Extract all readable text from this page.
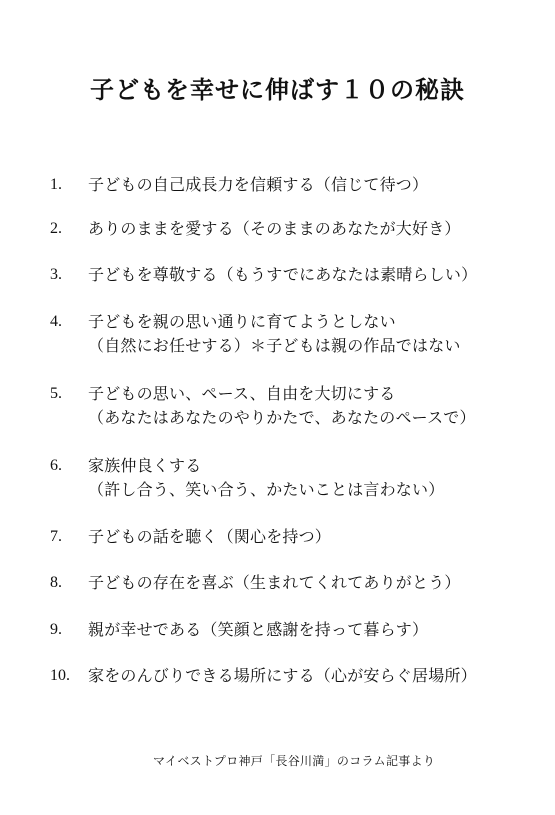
子どもを幸せに伸ばす１０の秘訣
1.	子どもの自己成長力を信頼する（信じて待つ）
2.	ありのままを愛する（そのままのあなたが大好き）
3.	子どもを尊敬する（もうすでにあなたは素晴らしい）
4.	子どもを親の思い通りに育てようとしない
（自然にお任せする）＊子どもは親の作品ではない
5.	子どもの思い、ペース、自由を大切にする
（あなたはあなたのやりかたで、あなたのペースで）
6.	家族仲良くする
（許し合う、笑い合う、かたいことは言わない）
7.	子どもの話を聴く（関心を持つ）
8.	子どもの存在を喜ぶ（生まれてくれてありがとう）
9.	親が幸せである（笑顔と感謝を持って暮らす）
10.	家をのんびりできる場所にする（心が安らぐ居場所）
マイベストプロ神戸「長谷川満」のコラム記事より
